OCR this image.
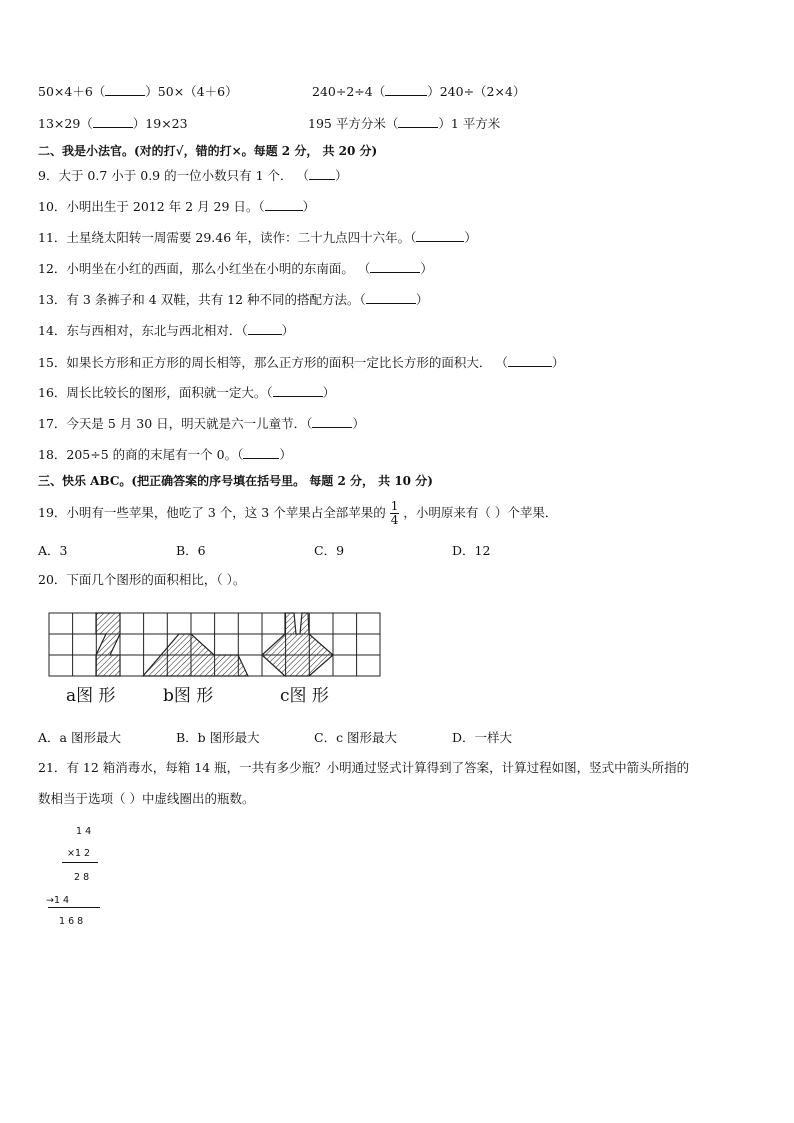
50×4＋6（	）50×（4＋6）	240÷2÷4（	）240÷（2×4）
13×29（	）19×23	195 平方分米（	）1 平方米
二、我是小法官。(对的打√，错的打×。每题 2 分， 共 20 分)
9．大于 0.7 小于 0.9 的一位小数只有 1 个． （ ）
10．小明出生于 2012 年 2 月 29 日。（	）
11．土星绕太阳转一周需要 29.46 年，读作：二十九点四十六年。（	）
12．小明坐在小红的西面，那么小红坐在小明的东南面。 （	）
13．有 3 条裤子和 4 双鞋，共有 12 种不同的搭配方法。（	）
14．东与西相对，东北与西北相对．（	）
15．如果长方形和正方形的周长相等，那么正方形的面积一定比长方形的面积大． （	）
16．周长比较长的图形，面积就一定大。（	）
17．今天是 5 月 30 日，明天就是六一儿童节．（	）
18．205÷5 的商的末尾有一个 0。（	）
三、快乐 ABC。(把正确答案的序号填在括号里。 每题 2 分， 共 10 分)
19．小明有一些苹果，他吃了 3 个，这 3 个苹果占全部苹果的 $\frac{1}{4}$ ，小明原来有（ ）个苹果．
A．3	B．6	C．9	D．12
20．下面几个图形的面积相比，（ ）。
a图 形	b图 形	c图 形
A．a 图形最大	B．b 图形最大	C．c 图形最大	D．一样大
21．有 12 箱消毒水，每箱 14 瓶，一共有多少瓶？小明通过竖式计算得到了答案，计算过程如图，竖式中箭头所指的
数相当于选项（ ）中虚线圈出的瓶数。
1 4
×1 2
2 8
→1 4
1 6 8
